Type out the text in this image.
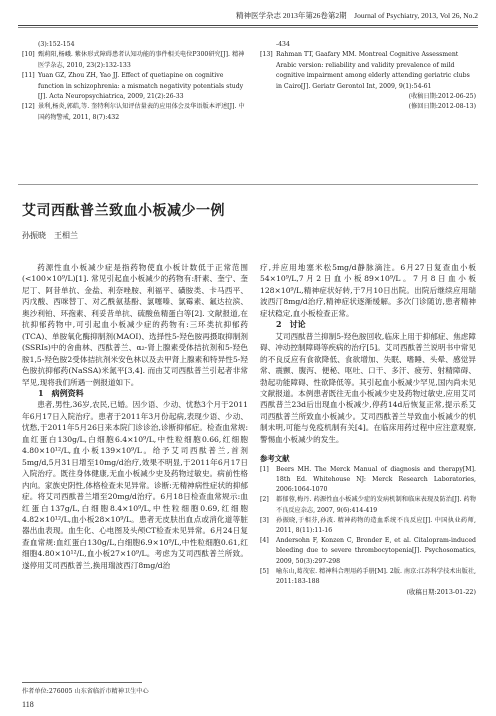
精神医学杂志 2013年第26卷第2期　Journal of Psychiatry, 2013, Vol 26, No.2
(3):152-154
[10] 甄莉阳,杨峨. 紫休形式障碍患者认知功能的事件相关电位P300研究[J]. 精神医学杂志, 2010, 23(2):132-133
[11] Yuan GZ, Zhou ZH, Yao JJ. Effect of quetiapine on cognitive function in schizophrenia: a mismatch negativity potentials study [J]. Acta Neuropsychiatrica, 2009, 21(2):26-33
[12] 景利,杨炎,郭皓,等. 奎特利尔认知评估量表的应用体会及华语版本评述[J]. 中国药物警戒, 2011, 8(7):432
-434
[13] Rahman TT, Gaafary MM. Montreal Cognitive Assessment Arabic version: reliability and validity prevalence of mild cognitive impairment among elderly attending geriatric clubs in Cairo[J]. Geriatr Gerontol Int, 2009, 9(1):54-61
(收稿日期:2012-06-25)
(修回日期:2012-08-13)
艾司西酞普兰致血小板减少一例
孙振晓　王相兰

药源性血小板减少症是指药物使血小板计数低于正常范围(<100×10⁹/L)[1]. 常见引起血小板减少的药物有:肝素、奎宁、奎尼丁、阿昔单抗、金盐、利奈唑胺、利福平、磺胺类、卡马西平、丙戊酸、西咪替丁、对乙酰氨基酚、氯噻嗪、氯霉素、氟达拉滨、奥沙利铂、环孢素、利妥昔单抗、硫酸鱼精蛋白等[2]. 文献报道,在抗抑郁药物中,可引起血小板减少症的药物有:三环类抗抑郁药(TCA)、单胺氧化酶抑制剂(MAOI)、选择性5-羟色胺再摄取抑制剂(SSRIs)中的舍曲林、西酞普兰、α₂-肾上腺素受体拮抗剂和5-羟色胺1,5-羟色胺2受体拮抗剂米安色林以及去甲肾上腺素和特异性5-羟色胺抗抑郁药(NaSSA)米氮平[3,4]. 而由艾司西酞普兰引起者非常罕见,现将我们所遇一例报道如下。

1　病例资料

患者,男性,36岁,农民,已婚。因少语、少动、忧愁3个月于2011年6月17日入院治疗。患者于2011年3月份起病,表现少语、少动、忧愁,于2011年5月26日来本院门诊诊治,诊断抑郁症。检查血常规:血红蛋白130g/L,白细胞6.4×10⁹/L,中性粒细胞0.66,红细胞4.80×10¹²/L,血小板139×10⁹/L。给予艾司西酞普兰,首剂5mg/d,5月31日增至10mg/d治疗,效果不明显,于2011年6月17日入院治疗。既往身体健康,无血小板减少史及药物过敏史。病前性格内向。家族史阴性,体格检查未见异常。诊断:无精神病性症状的抑郁症。将艾司西酞普兰增至20mg/d治疗。6月18日检查血常规示:血红蛋白137g/L,白细胞8.4×10⁹/L,中性粒细胞0.69,红细胞4.82×10¹²/L,血小板28×10⁹/L。患者无皮肤出血点或消化道等脏器出血表现。血生化、心电图及头颅CT检查未见异常。6月24日复查血常规:血红蛋白130g/L,白细胞6.9×10⁹/L,中性粒细胞0.61,红细胞4.80×10¹²/L,血小板27×10⁹/L。考虑为艾司西酞普兰所致。遂停用艾司西酞普兰,换用瑞波西汀8mg/d治

疗,并应用地塞米松5mg/d静脉滴注。6月27日复查血小板54×10⁹/L,7月2日血小板89×10⁹/L。7月8日血小板128×10⁹/L,精神症状好转,于7月10日出院。出院后继续应用瑞波西汀8mg/d治疗,精神症状逐渐缓解。多次门诊随访,患者精神症状稳定,血小板检查正常。

2　讨论

艾司西酞普兰抑制5-羟色胺回收,临床上用于抑郁症、焦虑障碍、冲动控制障碍等疾病的治疗[5]。艾司西酞普兰说明书中常见的不良反应有食欲降低、食欲增加、失眠、嗜睡、头晕、感觉异常、震颤、腹泻、便秘、呕吐、口干、多汗、疲劳、射精障碍、勃起功能障碍、性欲降低等。其引起血小板减少罕见,国内尚未见文献报道。本例患者既往无血小板减少史及药物过敏史,应用艾司西酞普兰23d后出现血小板减少,停药14d后恢复正常,提示系艾司西酞普兰所致血小板减少。艾司西酞普兰导致血小板减少的机制未明,可能与免疫机制有关[4]。在临床用药过程中应注意观察,警惕血小板减少的发生。

参考文献
[1]	Beers MH. The Merck Manual of diagnosis and therapy[M]. 18th Ed. Whitehouse NJ: Merck Research Laboratories, 2006:1064-1070
[2]	都郁蓉,梅丹. 药源性血小板减少症的发病机制和临床表现及防治[J]. 药物不良反应杂志, 2007, 9(6):414-419
[3]	孙振晓,于相芬,孙波. 精神药物的造血系统不良反应[J]. 中国执业药师, 2011, 8(11):11-16
[4]	Andersohn F, Konzen C, Bronder E, et al. Citalopram-induced bleeding due to severe thrombocytopenia[J]. Psychosomatics, 2009, 50(3):297-298
[5]	喻东山,葛茂宏. 精神科合理用药手册[M]. 2版. 南京:江苏科学技术出版社, 2011:183-188
(收稿日期:2013-01-22)
作者单位:276005 山东省临沂市精神卫生中心
118
